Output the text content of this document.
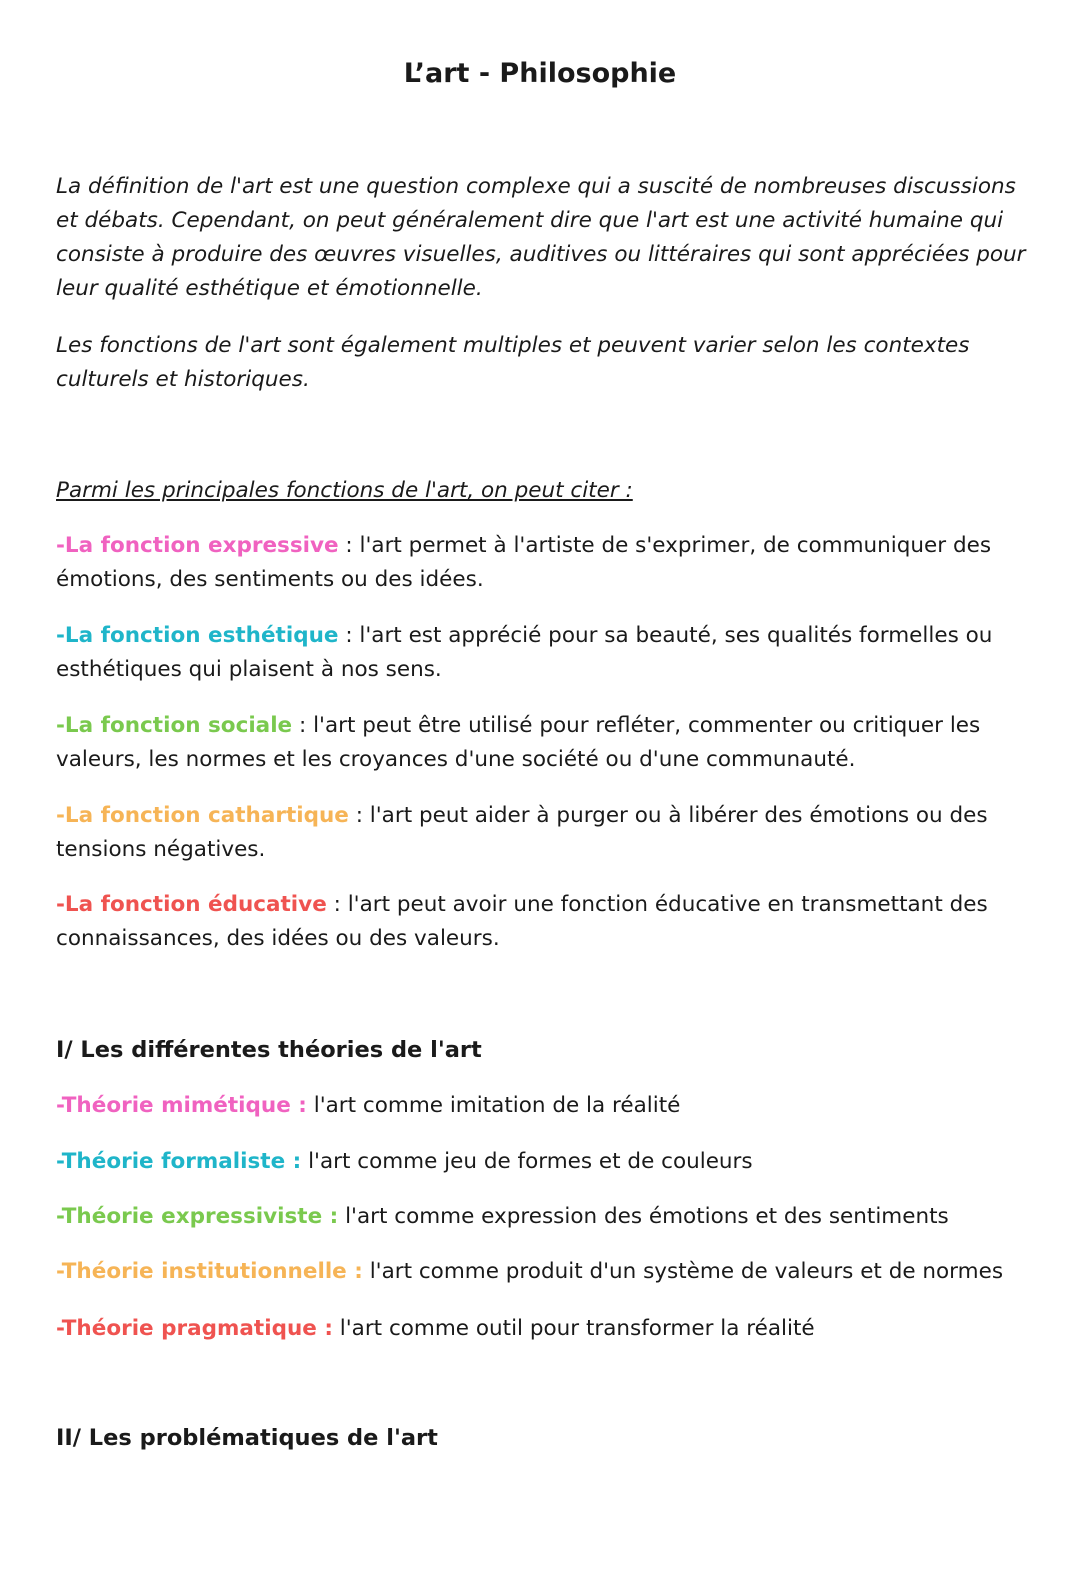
L’art - Philosophie

La définition de l'art est une question complexe qui a suscité de nombreuses discussions et débats. Cependant, on peut généralement dire que l'art est une activité humaine qui consiste à produire des œuvres visuelles, auditives ou littéraires qui sont appréciées pour leur qualité esthétique et émotionnelle.

Les fonctions de l'art sont également multiples et peuvent varier selon les contextes culturels et historiques.

Parmi les principales fonctions de l'art, on peut citer :

-La fonction expressive : l'art permet à l'artiste de s'exprimer, de communiquer des émotions, des sentiments ou des idées.

-La fonction esthétique : l'art est apprécié pour sa beauté, ses qualités formelles ou esthétiques qui plaisent à nos sens.

-La fonction sociale : l'art peut être utilisé pour refléter, commenter ou critiquer les valeurs, les normes et les croyances d'une société ou d'une communauté.

-La fonction cathartique : l'art peut aider à purger ou à libérer des émotions ou des tensions négatives.

-La fonction éducative : l'art peut avoir une fonction éducative en transmettant des connaissances, des idées ou des valeurs.

I/ Les différentes théories de l'art

-Théorie mimétique : l'art comme imitation de la réalité

-Théorie formaliste : l'art comme jeu de formes et de couleurs

-Théorie expressiviste : l'art comme expression des émotions et des sentiments

-Théorie institutionnelle : l'art comme produit d'un système de valeurs et de normes

-Théorie pragmatique : l'art comme outil pour transformer la réalité

II/ Les problématiques de l'art
